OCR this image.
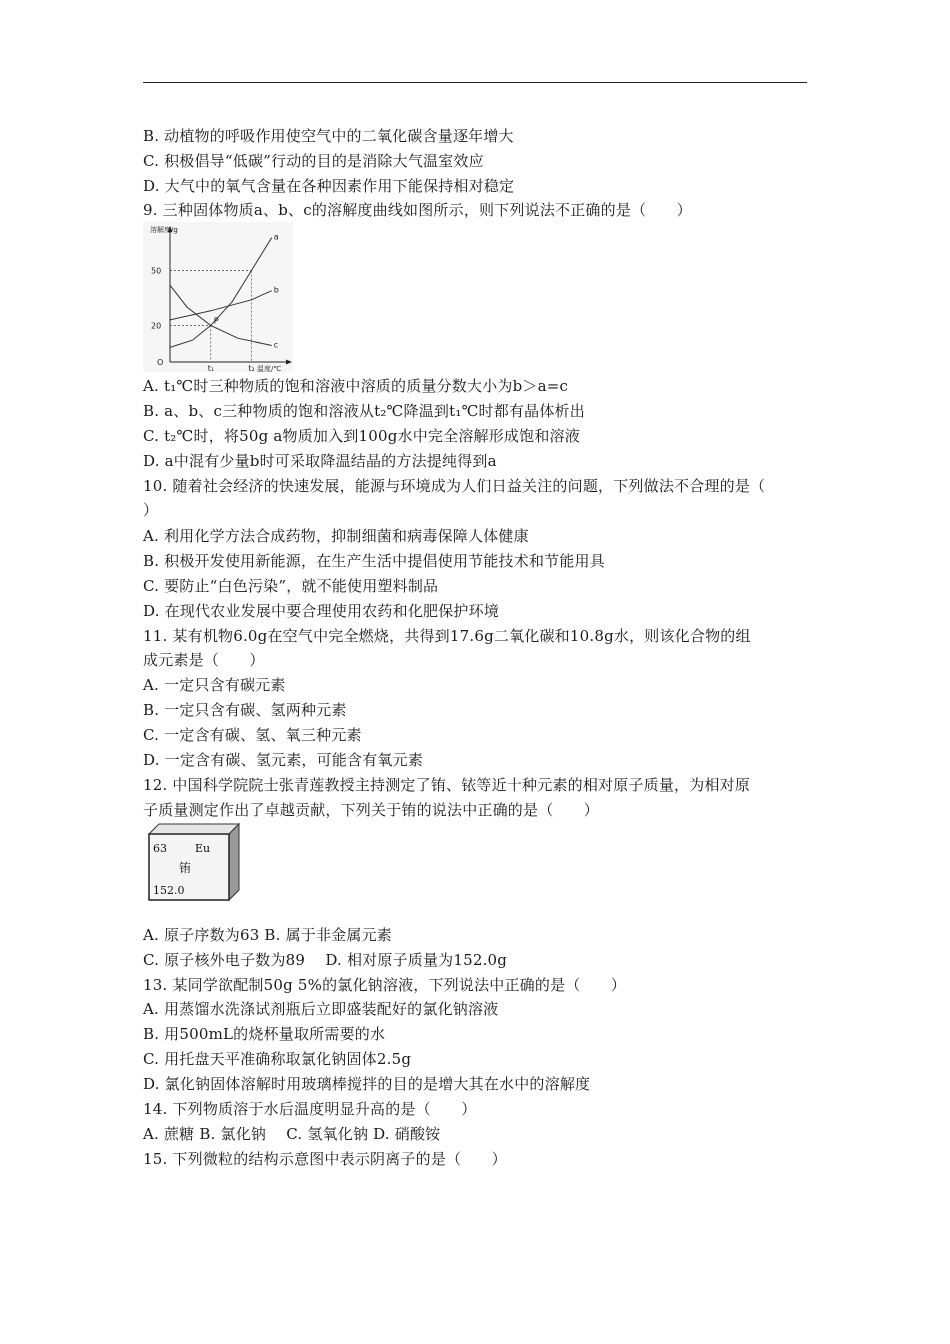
B. 动植物的呼吸作用使空气中的二氧化碳含量逐年增大
C. 积极倡导“低碳”行动的目的是消除大气温室效应
D. 大气中的氧气含量在各种因素作用下能保持相对稳定
9. 三种固体物质a、b、c的溶解度曲线如图所示，则下列说法不正确的是（　　）
A. t₁℃时三种物质的饱和溶液中溶质的质量分数大小为b＞a=c
B. a、b、c三种物质的饱和溶液从t₂℃降温到t₁℃时都有晶体析出
C. t₂℃时，将50g a物质加入到100g水中完全溶解形成饱和溶液
D. a中混有少量b时可采取降温结晶的方法提纯得到a
10. 随着社会经济的快速发展，能源与环境成为人们日益关注的问题，下列做法不合理的是（
）
A. 利用化学方法合成药物，抑制细菌和病毒保障人体健康
B. 积极开发使用新能源，在生产生活中提倡使用节能技术和节能用具
C. 要防止“白色污染”，就不能使用塑料制品
D. 在现代农业发展中要合理使用农药和化肥保护环境
11. 某有机物6.0g在空气中完全燃烧，共得到17.6g二氧化碳和10.8g水，则该化合物的组
成元素是（　　）
A. 一定只含有碳元素
B. 一定只含有碳、氢两种元素
C. 一定含有碳、氢、氧三种元素
D. 一定含有碳、氢元素，可能含有氧元素
12. 中国科学院院士张青莲教授主持测定了铕、铱等近十种元素的相对原子质量，为相对原
子质量测定作出了卓越贡献，下列关于铕的说法中正确的是（　　）
A. 原子序数为63 B. 属于非金属元素
C. 原子核外电子数为89　 D. 相对原子质量为152.0g
13. 某同学欲配制50g 5%的氯化钠溶液，下列说法中正确的是（　　）
A. 用蒸馏水洗涤试剂瓶后立即盛装配好的氯化钠溶液
B. 用500mL的烧杯量取所需要的水
C. 用托盘天平准确称取氯化钠固体2.5g
D. 氯化钠固体溶解时用玻璃棒搅拌的目的是增大其在水中的溶解度
14. 下列物质溶于水后温度明显升高的是（　　）
A. 蔗糖 B. 氯化钠　 C. 氢氧化钠 D. 硝酸铵
15. 下列微粒的结构示意图中表示阴离子的是（　　）
溶解度/g
O
20
50
t₁	t₂ 温度/℃
P
a
b
c
63	Eu
铕
152.0
